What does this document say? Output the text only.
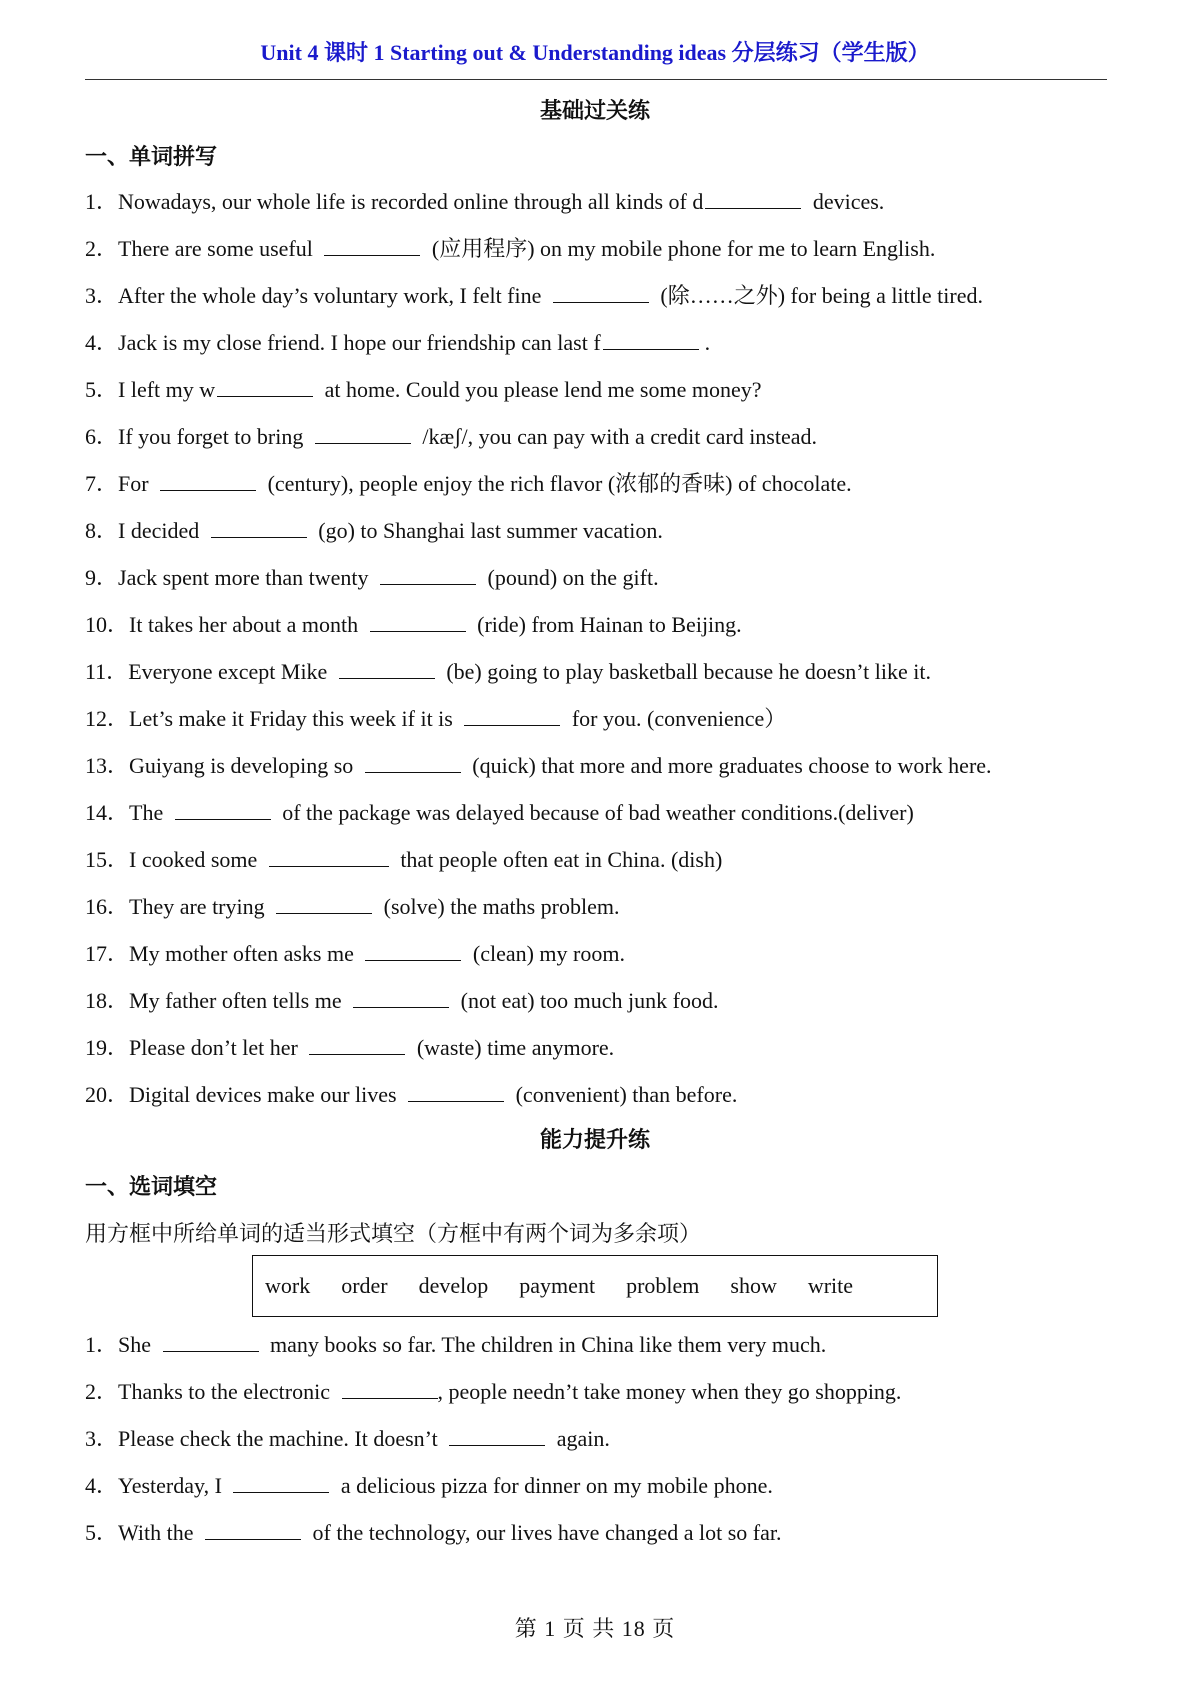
Unit 4 课时 1 Starting out & Understanding ideas 分层练习（学生版）
基础过关练
一、单词拼写
1．Nowadays, our whole life is recorded online through all kinds of d	devices.
2．There are some useful	(应用程序) on my mobile phone for me to learn English.
3．After the whole day’s voluntary work, I felt fine	(除……之外) for being a little tired.
4．Jack is my close friend. I hope our friendship can last f	.
5．I left my w	at home. Could you please lend me some money?
6．If you forget to bring	/kæʃ/, you can pay with a credit card instead.
7．For	(century), people enjoy the rich flavor (浓郁的香味) of chocolate.
8．I decided	(go) to Shanghai last summer vacation.
9．Jack spent more than twenty	(pound) on the gift.
10．It takes her about a month	(ride) from Hainan to Beijing.
11．Everyone except Mike	(be) going to play basketball because he doesn’t like it.
12．Let’s make it Friday this week if it is	for you. (convenience）
13．Guiyang is developing so	(quick) that more and more graduates choose to work here.
14．The	of the package was delayed because of bad weather conditions.(deliver)
15．I cooked some	that people often eat in China. (dish)
16．They are trying	(solve) the maths problem.
17．My mother often asks me	(clean) my room.
18．My father often tells me	(not eat) too much junk food.
19．Please don’t let her	(waste) time anymore.
20．Digital devices make our lives	(convenient) than before.
能力提升练
一、选词填空
用方框中所给单词的适当形式填空（方框中有两个词为多余项）
work order develop payment problem show write
1．She	many books so far. The children in China like them very much.
2．Thanks to the electronic	, people needn’t take money when they go shopping.
3．Please check the machine. It doesn’t	again.
4．Yesterday, I	a delicious pizza for dinner on my mobile phone.
5．With the	of the technology, our lives have changed a lot so far.
第 1 页 共 18 页
